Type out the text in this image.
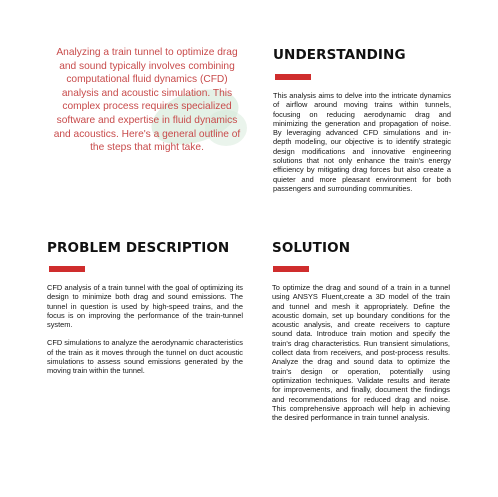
Analyzing a train tunnel to optimize drag and sound typically involves combining computational fluid dynamics (CFD) analysis and acoustic simulation. This complex process requires specialized software and expertise in fluid dynamics and acoustics. Here's a general outline of the steps that might take.

UNDERSTANDING

This analysis aims to delve into the intricate dynamics of airflow around moving trains within tunnels, focusing on reducing aerodynamic drag and minimizing the generation and propagation of noise. By leveraging advanced CFD simulations and in-depth modeling, our objective is to identify strategic design modifications and innovative engineering solutions that not only enhance the train's energy efficiency by mitigating drag forces but also create a quieter and more pleasant environment for both passengers and surrounding communities.

PROBLEM DESCRIPTION

CFD analysis of a train tunnel with the goal of optimizing its design to minimize both drag and sound emissions. The tunnel in question is used by high-speed trains, and the focus is on improving the performance of the train-tunnel system.

CFD simulations to analyze the aerodynamic characteristics of the train as it moves through the tunnel on duct acoustic simulations to assess sound emissions generated by the moving train within the tunnel.

SOLUTION

To optimize the drag and sound of a train in a tunnel using ANSYS Fluent,create a 3D model of the train and tunnel and mesh it appropriately. Define the acoustic domain, set up boundary conditions for the acoustic analysis, and create receivers to capture sound data. Introduce train motion and specify the train's drag characteristics. Run transient simulations, collect data from receivers, and post-process results. Analyze the drag and sound data to optimize the train's design or operation, potentially using optimization techniques. Validate results and iterate for improvements, and finally, document the findings and recommendations for reduced drag and noise. This comprehensive approach will help in achieving the desired performance in train tunnel analysis.
